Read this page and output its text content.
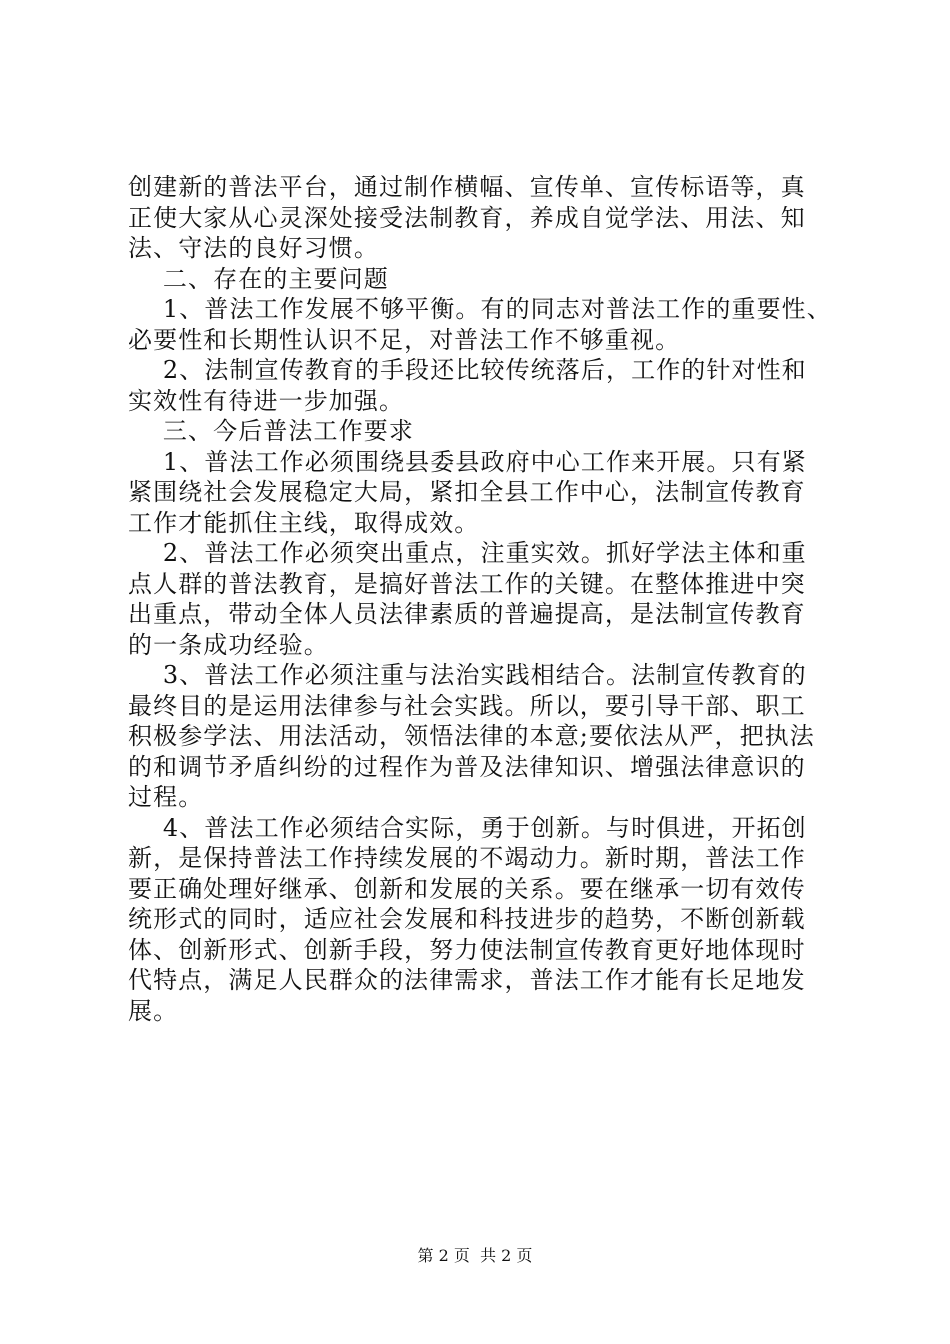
创建新的普法平台，通过制作横幅、宣传单、宣传标语等，真
正使大家从心灵深处接受法制教育，养成自觉学法、用法、知
法、守法的良好习惯。
二、存在的主要问题
1、普法工作发展不够平衡。有的同志对普法工作的重要性、
必要性和长期性认识不足，对普法工作不够重视。
2、法制宣传教育的手段还比较传统落后，工作的针对性和
实效性有待进一步加强。
三、今后普法工作要求
1、普法工作必须围绕县委县政府中心工作来开展。只有紧
紧围绕社会发展稳定大局，紧扣全县工作中心，法制宣传教育
工作才能抓住主线，取得成效。
2、普法工作必须突出重点，注重实效。抓好学法主体和重
点人群的普法教育，是搞好普法工作的关键。在整体推进中突
出重点，带动全体人员法律素质的普遍提高，是法制宣传教育
的一条成功经验。
3、普法工作必须注重与法治实践相结合。法制宣传教育的
最终目的是运用法律参与社会实践。所以，要引导干部、职工
积极参学法、用法活动，领悟法律的本意;要依法从严，把执法
的和调节矛盾纠纷的过程作为普及法律知识、增强法律意识的
过程。
4、普法工作必须结合实际，勇于创新。与时俱进，开拓创
新，是保持普法工作持续发展的不竭动力。新时期，普法工作
要正确处理好继承、创新和发展的关系。要在继承一切有效传
统形式的同时，适应社会发展和科技进步的趋势，不断创新载
体、创新形式、创新手段，努力使法制宣传教育更好地体现时
代特点，满足人民群众的法律需求，普法工作才能有长足地发
展。
第 2 页  共 2 页
